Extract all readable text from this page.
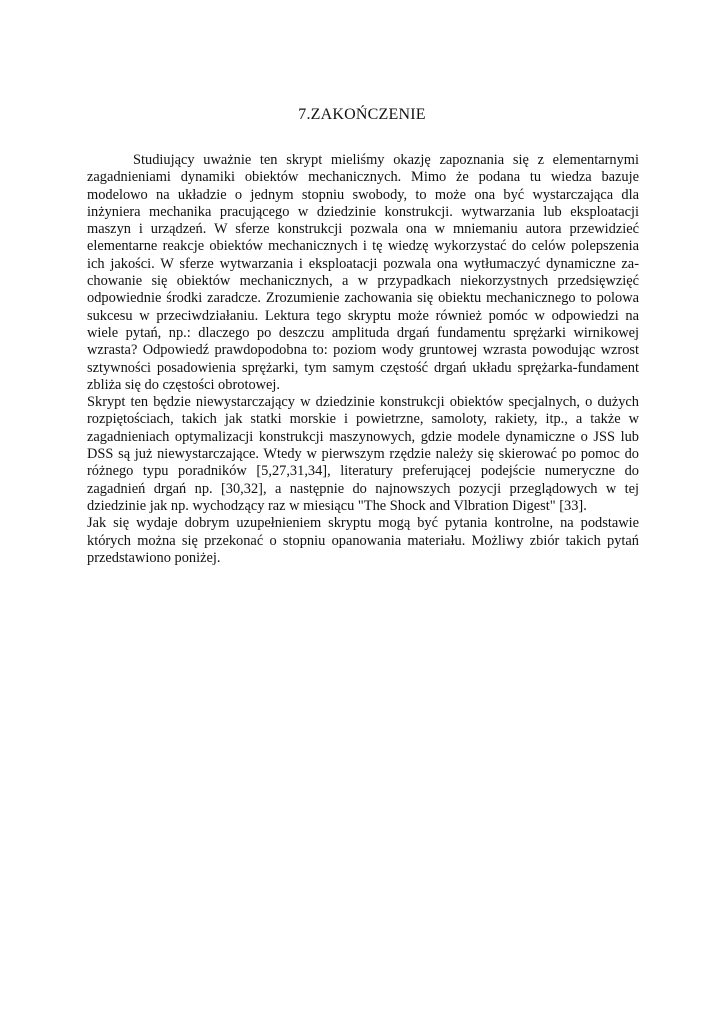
7.ZAKOŃCZENIE

Studiujący uważnie ten skrypt mieliśmy okazję zapoznania się z elementarnymi zagadnieniami dynamiki obiektów mechanicznych. Mimo że podana tu wiedza bazuje modelowo na układzie o jednym stopniu swobody, to może ona być wystarczająca dla inżyniera mechanika pracującego w dziedzinie konstrukcji. wytwarzania lub eksploatacji maszyn i urządzeń. W sferze konstrukcji pozwala ona w mniemaniu autora przewidzieć elementarne reakcje obiektów mechanicznych i tę wiedzę wykorzystać do celów polepszenia ich jakości. W sferze wytwarzania i eksploatacji pozwala ona wytłumaczyć dynamiczne za-chowanie się obiektów mechanicznych, a w przypadkach niekorzystnych przedsięwzięć odpowiednie środki zaradcze. Zrozumienie zachowania się obiektu mechanicznego to polowa sukcesu w przeciwdziałaniu. Lektura tego skryptu może również pomóc w odpowiedzi na wiele pytań, np.: dlaczego po deszczu amplituda drgań fundamentu sprężarki wirnikowej wzrasta? Odpowiedź prawdopodobna to: poziom wody gruntowej wzrasta powodując wzrost sztywności posadowienia sprężarki, tym samym częstość drgań układu sprężarka-fundament zbliża się do częstości obrotowej.

Skrypt ten będzie niewystarczający w dziedzinie konstrukcji obiektów specjalnych, o dużych rozpiętościach, takich jak statki morskie i powietrzne, samoloty, rakiety, itp., a także w zagadnieniach optymalizacji konstrukcji maszynowych, gdzie modele dynamiczne o JSS lub DSS są już niewystarczające. Wtedy w pierwszym rzędzie należy się skierować po pomoc do różnego typu poradników [5,27,31,34], literatury preferującej podejście numeryczne do zagadnień drgań np. [30,32], a następnie do najnowszych pozycji przeglądowych w tej dziedzinie jak np. wychodzący raz w miesiącu "The Shock and Vlbration Digest" [33].

Jak się wydaje dobrym uzupełnieniem skryptu mogą być pytania kontrolne, na podstawie których można się przekonać o stopniu opanowania materiału. Możliwy zbiór takich pytań przedstawiono poniżej.
